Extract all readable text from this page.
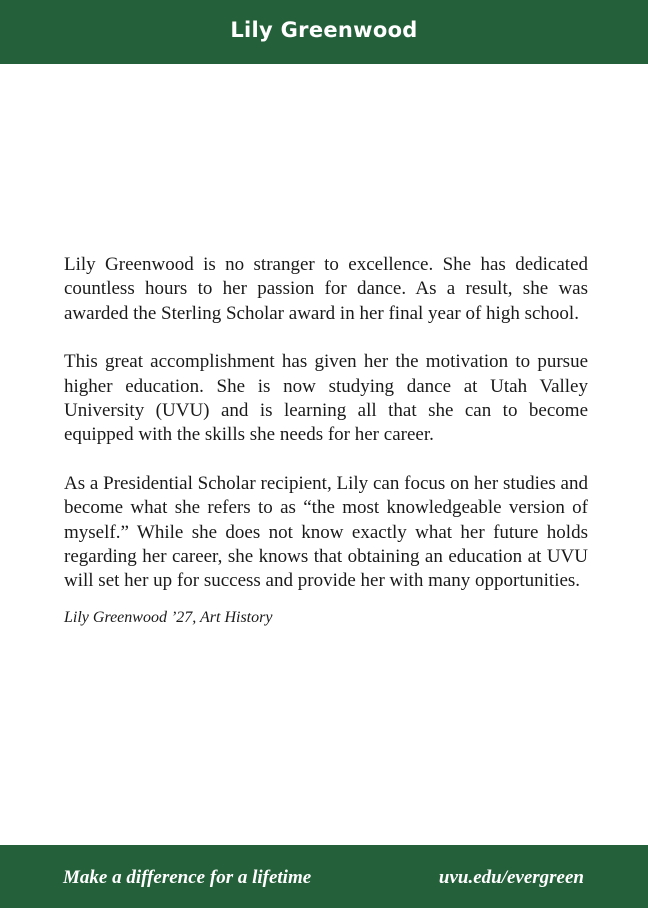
Lily Greenwood

Lily Greenwood is no stranger to excellence. She has dedicated countless hours to her passion for dance. As a result, she was awarded the Sterling Scholar award in her final year of high school.

This great accomplishment has given her the motivation to pursue higher education. She is now studying dance at Utah Valley University (UVU) and is learning all that she can to become equipped with the skills she needs for her career.

As a Presidential Scholar recipient, Lily can focus on her studies and become what she refers to as “the most knowledgeable version of myself.” While she does not know exactly what her future holds regarding her career, she knows that obtaining an education at UVU will set her up for success and provide her with many opportunities.

Lily Greenwood ’27, Art History

Make a difference for a lifetime	uvu.edu/evergreen
